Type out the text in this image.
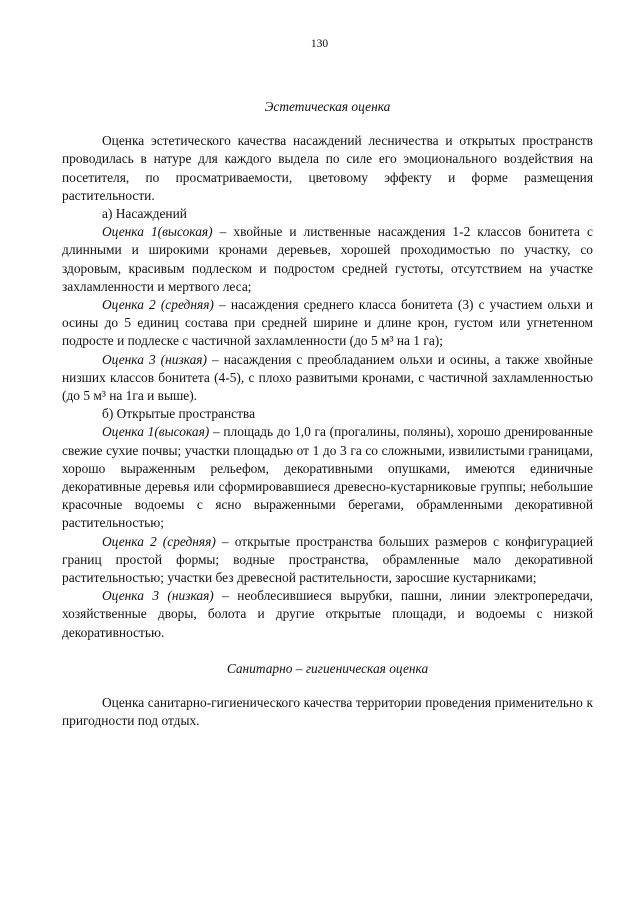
130
Эстетическая оценка

Оценка эстетического качества насаждений лесничества и открытых пространств проводилась в натуре для каждого выдела по силе его эмоционального воздействия на посетителя, по просматриваемости, цветовому эффекту и форме размещения растительности.

а) Насаждений

Оценка 1(высокая) – хвойные и лиственные насаждения 1-2 классов бонитета с длинными и широкими кронами деревьев, хорошей проходимостью по участку, со здоровым, красивым подлеском и подростом средней густоты, отсутствием на участке захламленности и мертвого леса;

Оценка 2 (средняя) – насаждения среднего класса бонитета (3) с участием ольхи и осины до 5 единиц состава при средней ширине и длине крон, густом или угнетенном подросте и подлеске с частичной захламленности (до 5 м³ на 1 га);

Оценка 3 (низкая) – насаждения с преобладанием ольхи и осины, а также хвойные низших классов бонитета (4-5), с плохо развитыми кронами, с частичной захламленностью (до 5 м³ на 1га и выше).

б) Открытые пространства

Оценка 1(высокая) – площадь до 1,0 га (прогалины, поляны), хорошо дренированные свежие сухие почвы; участки площадью от 1 до 3 га со сложными, извилистыми границами, хорошо выраженным рельефом, декоративными опушками, имеются единичные декоративные деревья или сформировавшиеся древесно-кустарниковые группы; небольшие красочные водоемы с ясно выраженными берегами, обрамленными декоративной растительностью;

Оценка 2 (средняя) – открытые пространства больших размеров с конфигурацией границ простой формы; водные пространства, обрамленные мало декоративной растительностью; участки без древесной растительности, заросшие кустарниками;

Оценка 3 (низкая) – необлесившиеся вырубки, пашни, линии электропередачи, хозяйственные дворы, болота и другие открытые площади, и водоемы с низкой декоративностью.

Санитарно – гигиеническая оценка

Оценка санитарно-гигиенического качества территории проведения применительно к пригодности под отдых.
